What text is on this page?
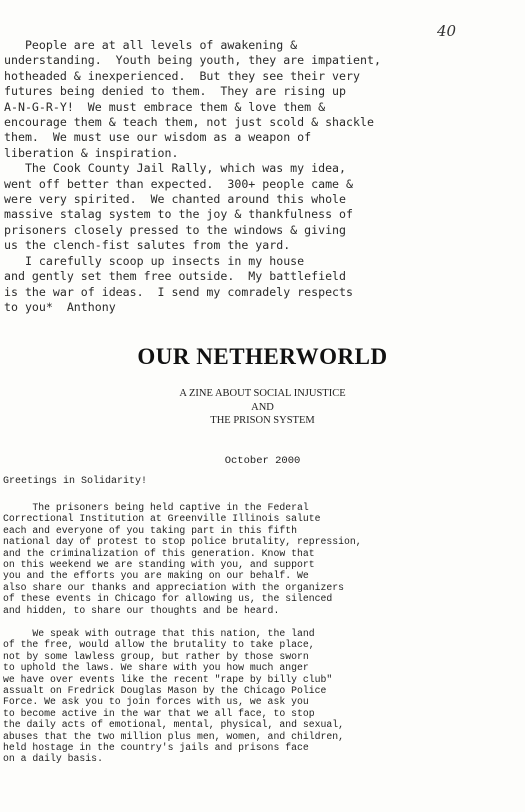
40
People are at all levels of awakening &
understanding.  Youth being youth, they are impatient,
hotheaded & inexperienced.  But they see their very
futures being denied to them.  They are rising up
A-N-G-R-Y!  We must embrace them & love them &
encourage them & teach them, not just scold & shackle
them.  We must use our wisdom as a weapon of
liberation & inspiration.
The Cook County Jail Rally, which was my idea,
went off better than expected.  300+ people came &
were very spirited.  We chanted around this whole
massive stalag system to the joy & thankfulness of
prisoners closely pressed to the windows & giving
us the clench-fist salutes from the yard.
I carefully scoop up insects in my house
and gently set them free outside.  My battlefield
is the war of ideas.  I send my comradely respects
to you*  Anthony
OUR NETHERWORLD
A ZINE ABOUT SOCIAL INJUSTICE
AND
THE PRISON SYSTEM
October 2000
Greetings in Solidarity!
The prisoners being held captive in the Federal
Correctional Institution at Greenville Illinois salute
each and everyone of you taking part in this fifth
national day of protest to stop police brutality, repression,
and the criminalization of this generation. Know that
on this weekend we are standing with you, and support
you and the efforts you are making on our behalf. We
also share our thanks and appreciation with the organizers
of these events in Chicago for allowing us, the silenced
and hidden, to share our thoughts and be heard.
We speak with outrage that this nation, the land
of the free, would allow the brutality to take place,
not by some lawless group, but rather by those sworn
to uphold the laws. We share with you how much anger
we have over events like the recent "rape by billy club"
assualt on Fredrick Douglas Mason by the Chicago Police
Force. We ask you to join forces with us, we ask you
to become active in the war that we all face, to stop
the daily acts of emotional, mental, physical, and sexual,
abuses that the two million plus men, women, and children,
held hostage in the country's jails and prisons face
on a daily basis.
